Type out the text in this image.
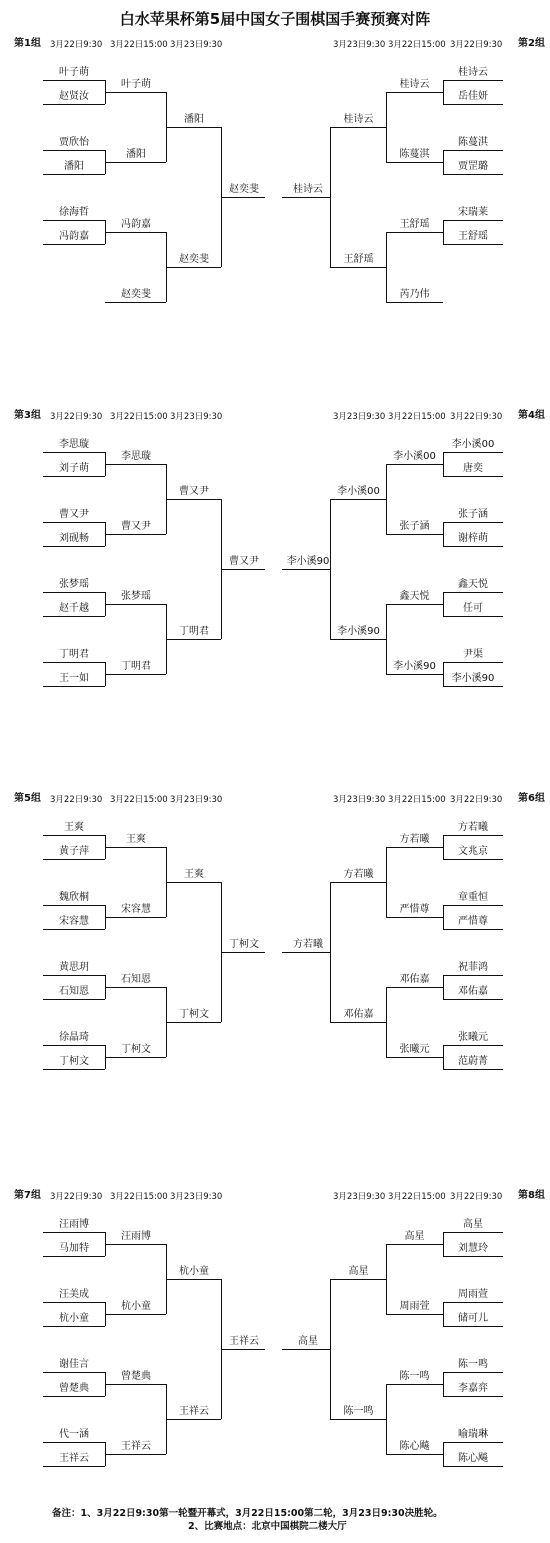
白水苹果杯第5届中国女子围棋国手赛预赛对阵
第1组 3月22日9:30 3月22日15:00 3月23日9:30
叶子萌
赵贤汝
贾欣怡
潘阳
徐海哲
冯韵嘉
叶子萌
潘阳
冯韵嘉
赵奕斐
潘阳
赵奕斐
赵奕斐
第2组
3月22日9:30
3月22日15:00
3月23日9:30
桂诗云
岳佳妍
陈蔓淇
贾罡璐
宋瑞莱
王舒瑶
桂诗云
陈蔓淇
王舒瑶
芮乃伟
桂诗云
王舒瑶
桂诗云
第3组 3月22日9:30 3月22日15:00 3月23日9:30
李思璇
刘子萌
曹又尹
刘砚畅
张梦瑶
赵千越
丁明君
王一如
李思璇
曹又尹
张梦瑶
丁明君
曹又尹
丁明君
曹又尹
第4组
3月22日9:30
3月22日15:00
3月23日9:30
李小溪00
唐奕
张子涵
谢梓萌
鑫天悦
任可
尹渠
李小溪90
李小溪00
张子涵
鑫天悦
李小溪90
李小溪00
李小溪90
李小溪90
第5组 3月22日9:30 3月22日15:00 3月23日9:30
王爽
黄子萍
魏欣桐
宋容慧
黄思玥
石知恩
徐晶琦
丁柯文
王爽
宋容慧
石知恩
丁柯文
王爽
丁柯文
丁柯文
第6组
3月22日9:30
3月22日15:00
3月23日9:30
方若曦
文兆京
章重恒
严惜尊
祝菲鸿
邓佑嘉
张曦元
范蔚菁
方若曦
严惜尊
邓佑嘉
张曦元
方若曦
邓佑嘉
方若曦
第7组 3月22日9:30 3月22日15:00 3月23日9:30
汪雨博
马加特
汪美成
杭小童
谢佳言
曾楚典
代一涵
王祥云
汪雨博
杭小童
曾楚典
王祥云
杭小童
王祥云
王祥云
第8组
3月22日9:30
3月22日15:00
3月23日9:30
高星
刘慧玲
周雨萱
储可儿
陈一鸣
李嘉弈
喻瑞琳
陈心飚
高星
周雨萱
陈一鸣
陈心飚
高星
陈一鸣
高星
备注：1、3月22日9:30第一轮暨开幕式，3月22日15:00第二轮，3月23日9:30决胜轮。
2、比赛地点：北京中国棋院二楼大厅
